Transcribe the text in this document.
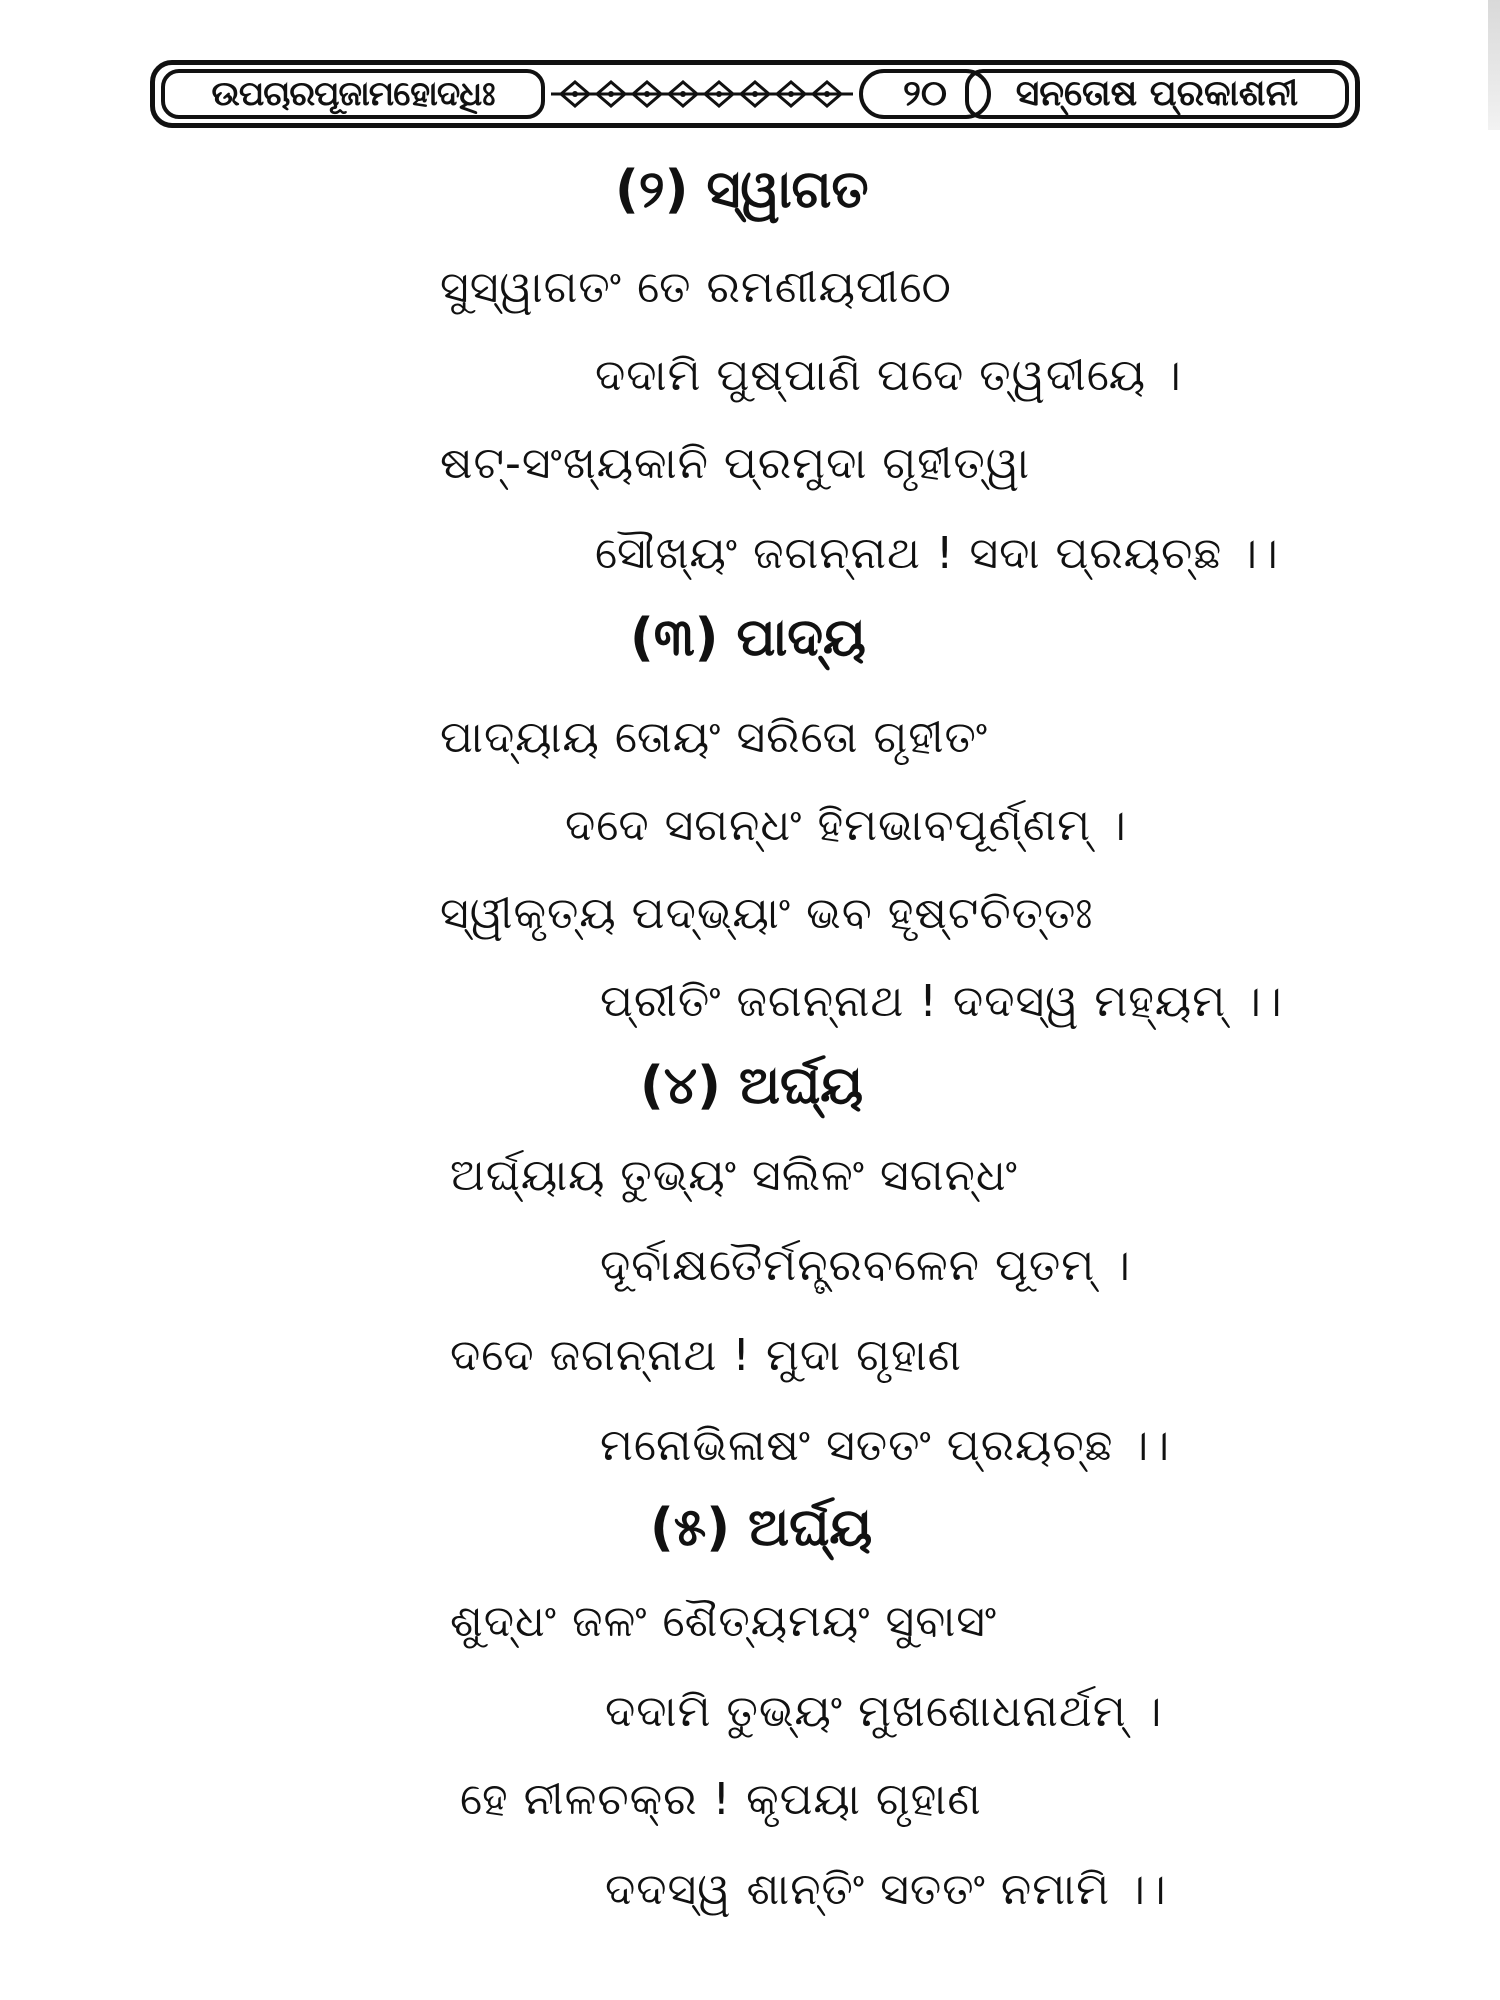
ଉପଚାରପୂଜାମହୋଦଧିଃ	୨୦	ସନ୍ତୋଷ ପ୍ରକାଶନୀ
(୨) ସ୍ୱାଗତ
ସୁସ୍ୱାଗତଂ ତେ ରମଣୀୟପୀଠେ
ଦଦାମି ପୁଷ୍ପାଣି ପଦେ ତ୍ୱଦୀୟେ ।
ଷଟ୍-ସଂଖ୍ୟକାନି ପ୍ରମୁଦା ଗୃହୀତ୍ୱା
ସୌଖ୍ୟଂ ଜଗନ୍ନାଥ ! ସଦା ପ୍ରୟଚ୍ଛ ।।
(୩) ପାଦ୍ୟ
ପାଦ୍ୟାୟ ତୋୟଂ ସରିତୋ ଗୃହୀତଂ
ଦଦେ ସଗନ୍ଧଂ ହିମଭାବପୂର୍ଣ୍ଣମ୍ ।
ସ୍ୱୀକୃତ୍ୟ ପଦ୍ଭ୍ୟାଂ ଭବ ହୃଷ୍ଟଚିତ୍ତଃ
ପ୍ରୀତିଂ ଜଗନ୍ନାଥ ! ଦଦସ୍ୱ ମହ୍ୟମ୍ ।।
(୪) ଅର୍ଘ୍ୟ
ଅର୍ଘ୍ୟାୟ ତୁଭ୍ୟଂ ସଲିଳଂ ସଗନ୍ଧଂ
ଦୂର୍ବାକ୍ଷତୈର୍ମନ୍ତ୍ରବଳେନ ପୂତମ୍ ।
ଦଦେ ଜଗନ୍ନାଥ ! ମୁଦା ଗୃହାଣ
ମନୋଭିଳାଷଂ ସତତଂ ପ୍ରୟଚ୍ଛ ।।
(୫) ଅର୍ଘ୍ୟ
ଶୁଦ୍ଧଂ ଜଳଂ ଶୈତ୍ୟମୟଂ ସୁବାସଂ
ଦଦାମି ତୁଭ୍ୟଂ ମୁଖଶୋଧନାର୍ଥମ୍ ।
ହେ ନୀଳଚକ୍ର ! କୃପୟା ଗୃହାଣ
ଦଦସ୍ୱ ଶାନ୍ତିଂ ସତତଂ ନମାମି ।।
